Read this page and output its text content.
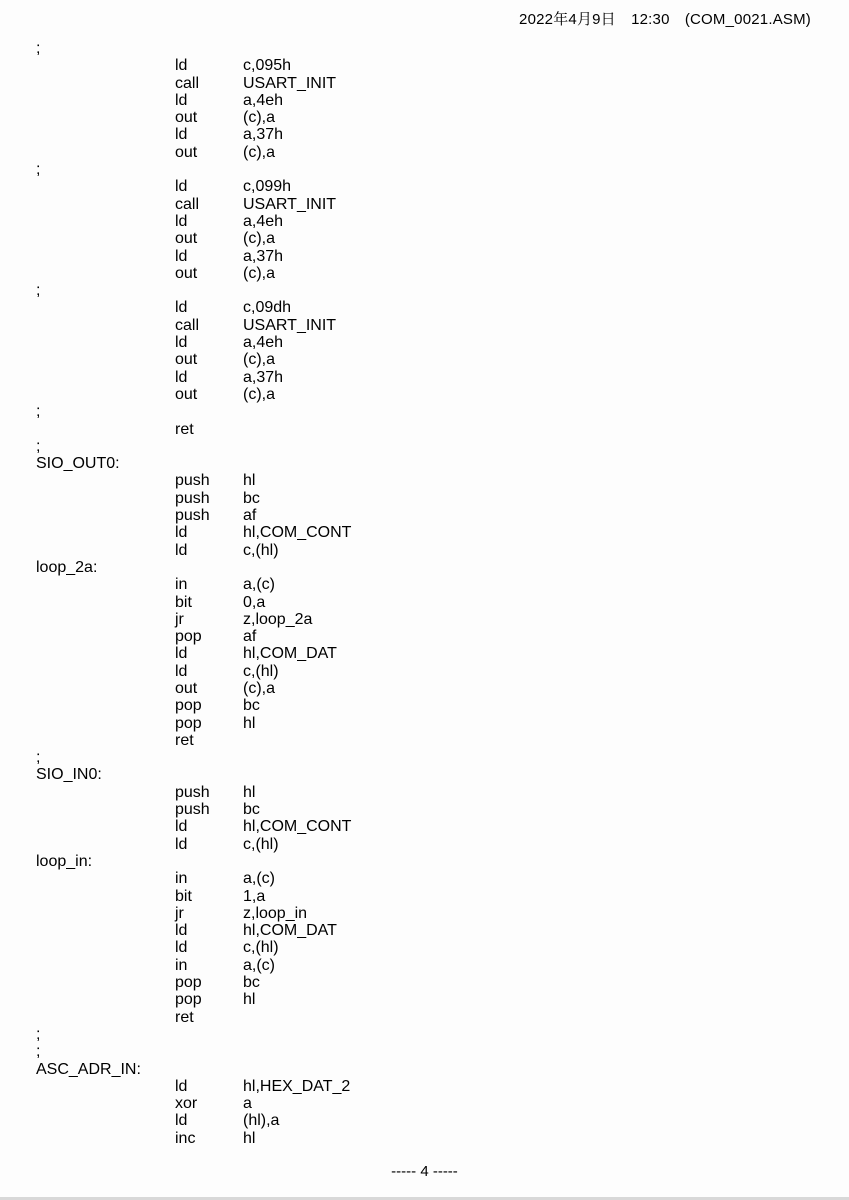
2022年4月9日　12:30　(COM_0021.ASM)
;
ld	c,095h
call	USART_INIT
ld	a,4eh
out	(c),a
ld	a,37h
out	(c),a
;
ld	c,099h
call	USART_INIT
ld	a,4eh
out	(c),a
ld	a,37h
out	(c),a
;
ld	c,09dh
call	USART_INIT
ld	a,4eh
out	(c),a
ld	a,37h
out	(c),a
;
ret
;
SIO_OUT0:
push hl
push bc
push af
ld	hl,COM_CONT
ld	c,(hl)
loop_2a:
in	a,(c)
bit	0,a
jr	z,loop_2a
pop	af
ld	hl,COM_DAT
ld	c,(hl)
out	(c),a
pop	bc
pop	hl
ret
;
SIO_IN0:
push hl
push bc
ld	hl,COM_CONT
ld	c,(hl)
loop_in:
in	a,(c)
bit	1,a
jr	z,loop_in
ld	hl,COM_DAT
ld	c,(hl)
in	a,(c)
pop	bc
pop	hl
ret
;
;
ASC_ADR_IN:
ld	hl,HEX_DAT_2
xor	a
ld	(hl),a
inc	hl
----- 4 -----
